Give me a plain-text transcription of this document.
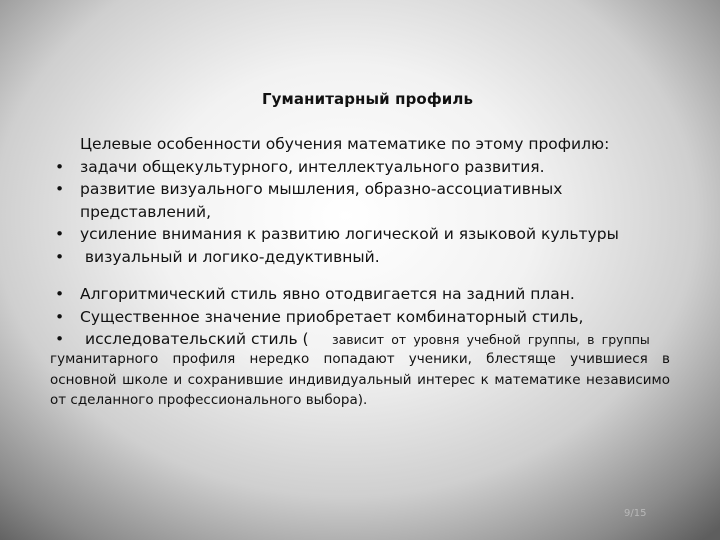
Гуманитарный профиль
Целевые особенности обучения математике по этому профилю:
• задачи общекультурного, интеллектуального развития.
• развитие визуального мышления, образно-ассоциативных
представлений,
• усиление внимания к развитию логической и языковой культуры
• визуальный и логико-дедуктивный.
• Алгоритмический стиль явно отодвигается на задний план.
• Существенное значение приобретает комбинаторный стиль,
• исследовательский стиль ( зависит от уровня учебной группы, в группы
гуманитарного профиля нередко попадают ученики, блестяще учившиеся в основной школе и сохранившие индивидуальный интерес к математике независимо от сделанного профессионального выбора).
9/15
